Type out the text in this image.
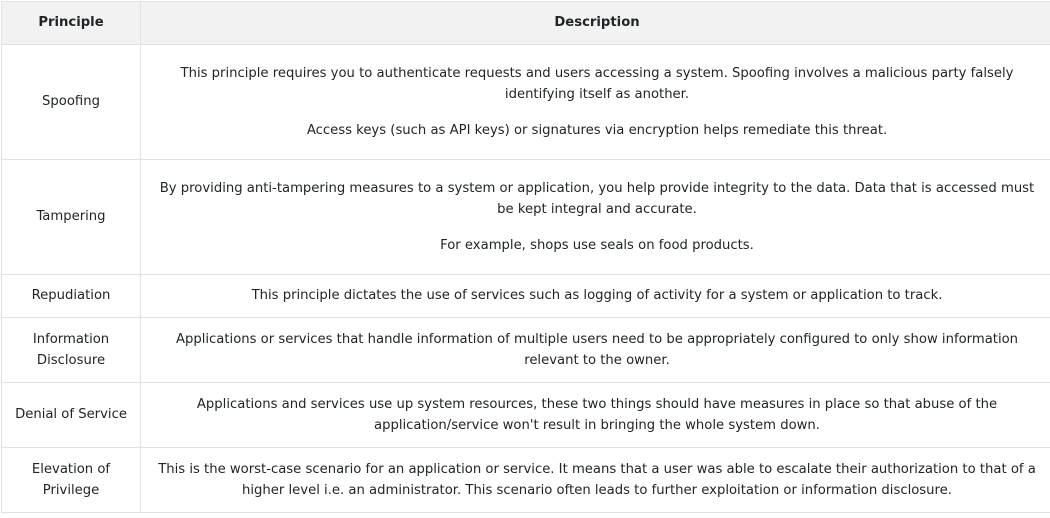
Principle	Description
Spoofing	This principle requires you to authenticate requests and users accessing a system. Spoofing involves a malicious party falsely identifying itself as another.

Access keys (such as API keys) or signatures via encryption helps remediate this threat.

Tampering	By providing anti-tampering measures to a system or application, you help provide integrity to the data. Data that is accessed must be kept integral and accurate.

For example, shops use seals on food products.

Repudiation	This principle dictates the use of services such as logging of activity for a system or application to track.

Information Disclosure	Applications or services that handle information of multiple users need to be appropriately configured to only show information relevant to the owner.

Denial of Service	Applications and services use up system resources, these two things should have measures in place so that abuse of the application/service won't result in bringing the whole system down.

Elevation of Privilege	This is the worst-case scenario for an application or service. It means that a user was able to escalate their authorization to that of a higher level i.e. an administrator. This scenario often leads to further exploitation or information disclosure.
